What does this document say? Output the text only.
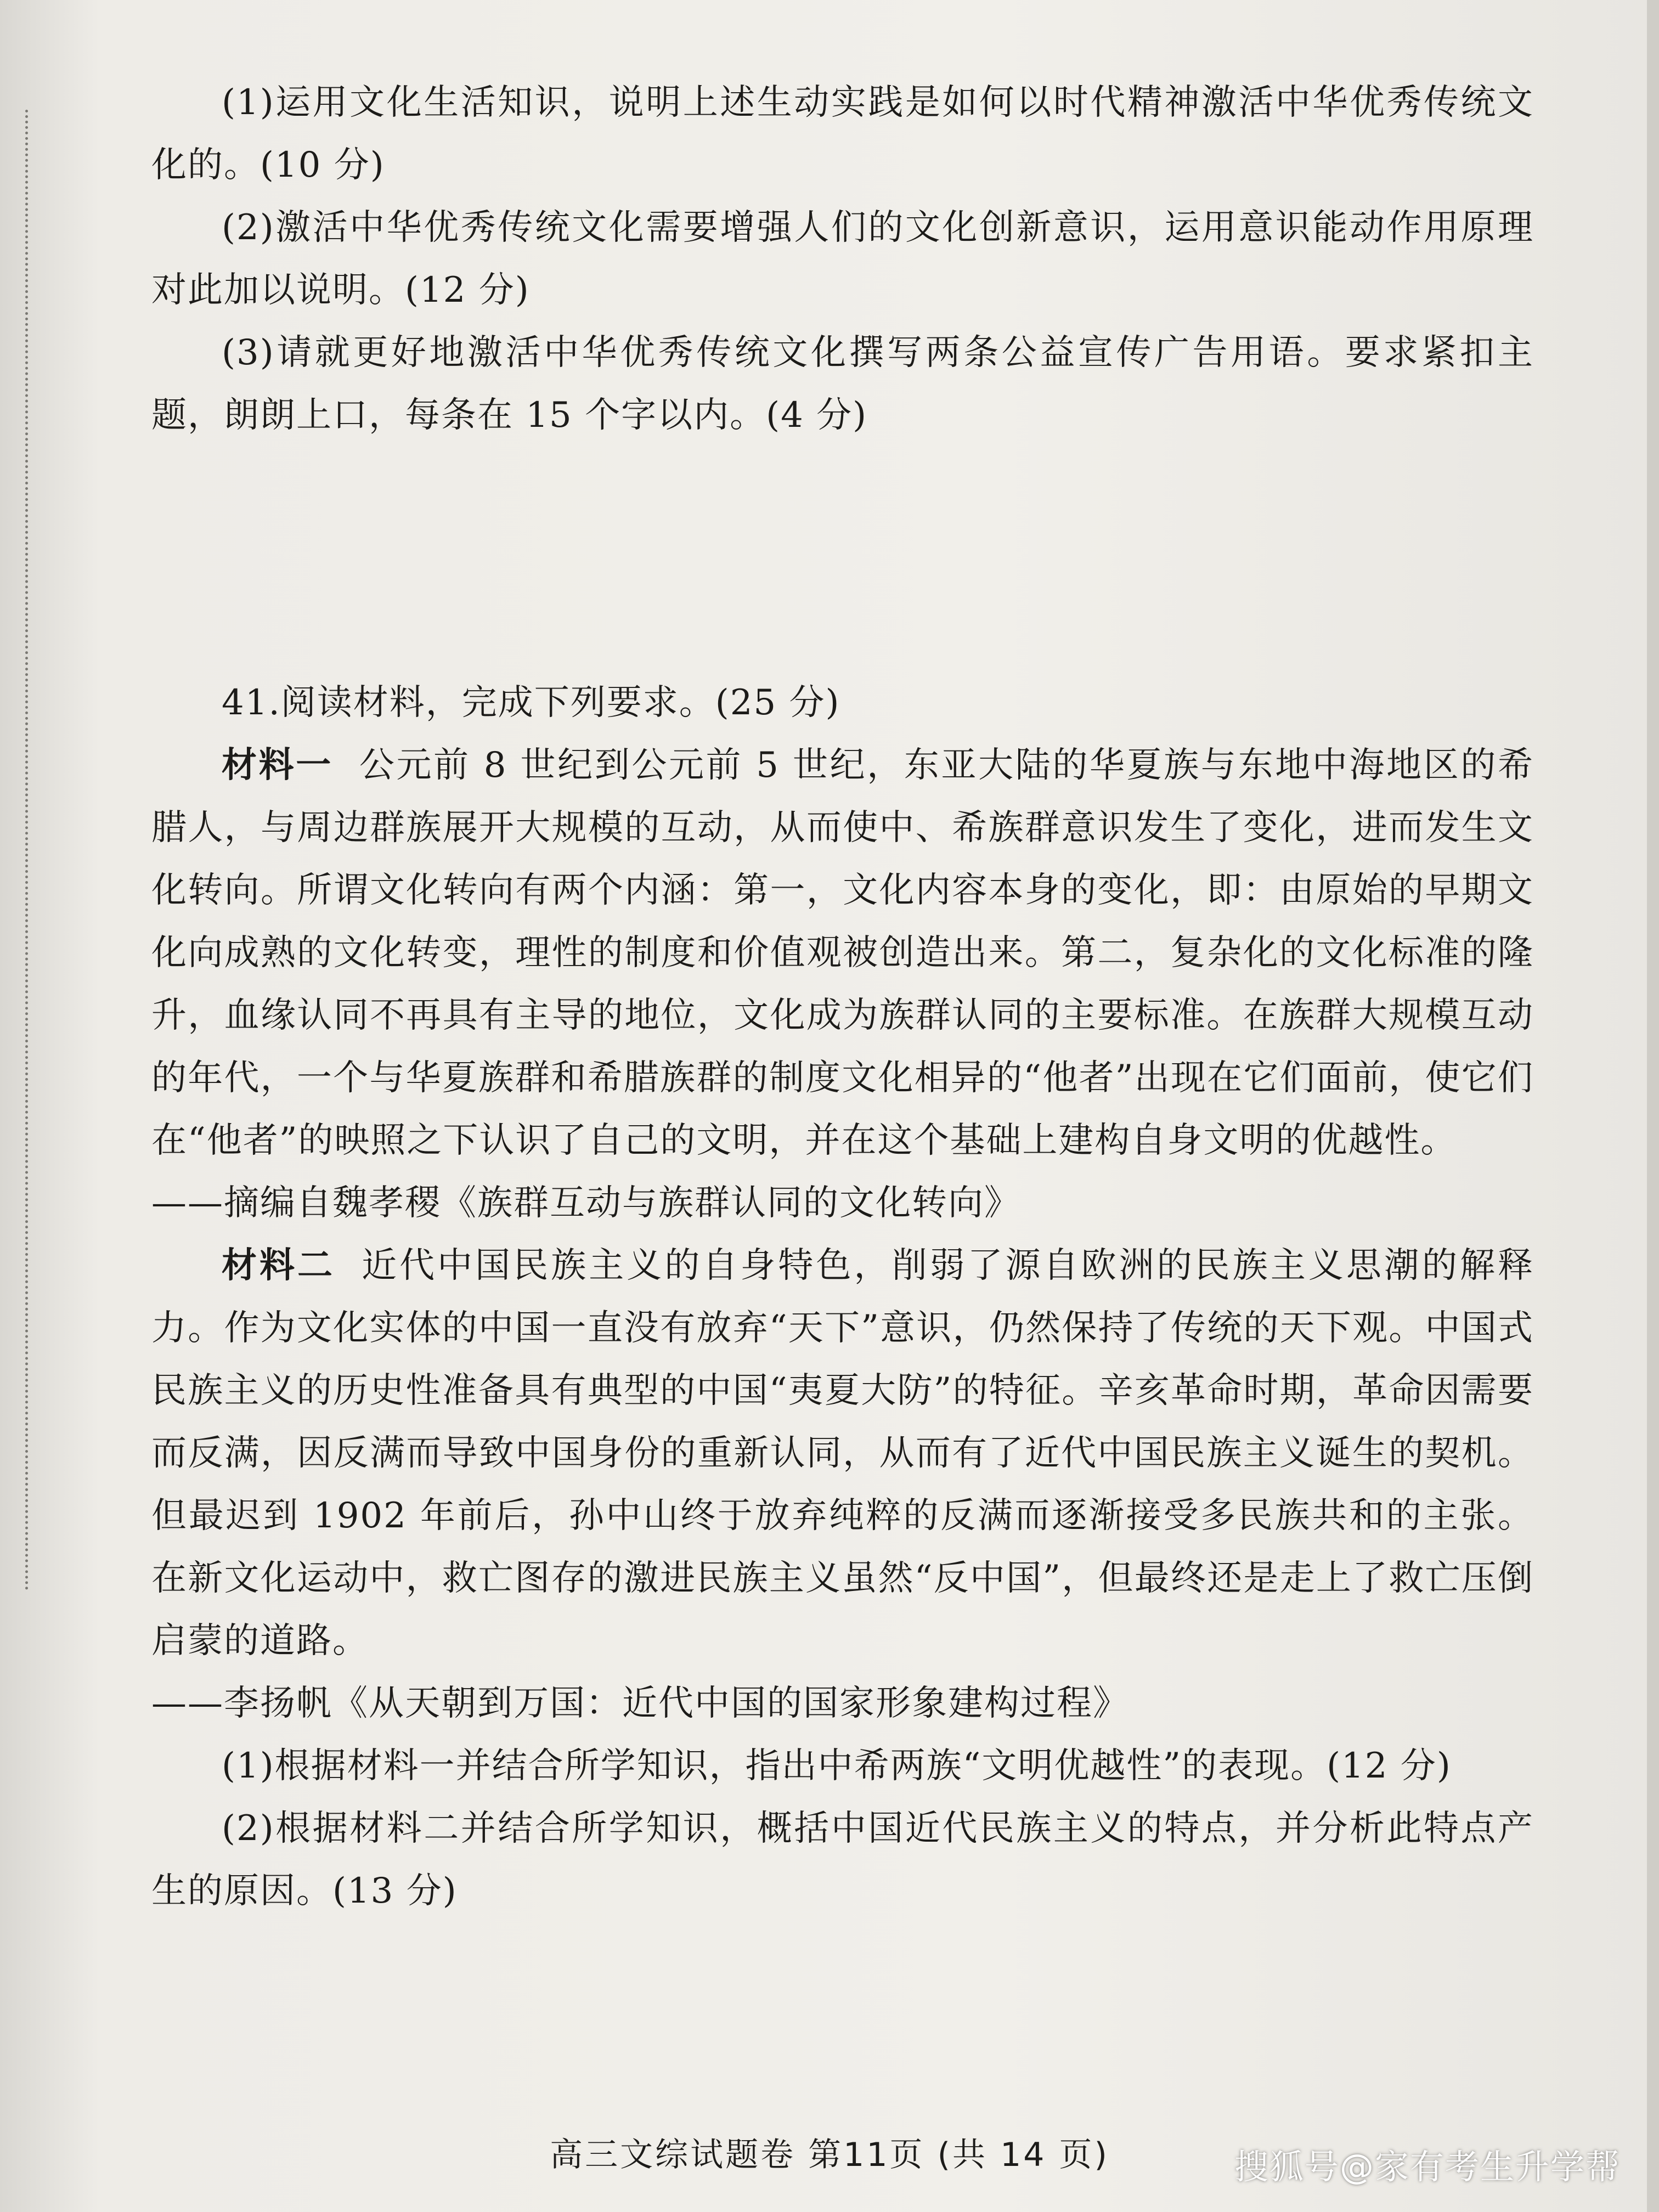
(1)运用文化生活知识，说明上述生动实践是如何以时代精神激活中华优秀传统文化的。(10 分)

(2)激活中华优秀传统文化需要增强人们的文化创新意识，运用意识能动作用原理对此加以说明。(12 分)

(3)请就更好地激活中华优秀传统文化撰写两条公益宣传广告用语。要求紧扣主题，朗朗上口，每条在 15 个字以内。(4 分)

41.阅读材料，完成下列要求。(25 分)

材料一 公元前 8 世纪到公元前 5 世纪，东亚大陆的华夏族与东地中海地区的希腊人，与周边群族展开大规模的互动，从而使中、希族群意识发生了变化，进而发生文化转向。所谓文化转向有两个内涵：第一，文化内容本身的变化，即：由原始的早期文化向成熟的文化转变，理性的制度和价值观被创造出来。第二，复杂化的文化标准的隆升，血缘认同不再具有主导的地位，文化成为族群认同的主要标准。在族群大规模互动的年代，一个与华夏族群和希腊族群的制度文化相异的“他者”出现在它们面前，使它们在“他者”的映照之下认识了自己的文明，并在这个基础上建构自身文明的优越性。

——摘编自魏孝稷《族群互动与族群认同的文化转向》

材料二 近代中国民族主义的自身特色，削弱了源自欧洲的民族主义思潮的解释力。作为文化实体的中国一直没有放弃“天下”意识，仍然保持了传统的天下观。中国式民族主义的历史性准备具有典型的中国“夷夏大防”的特征。辛亥革命时期，革命因需要而反满，因反满而导致中国身份的重新认同，从而有了近代中国民族主义诞生的契机。但最迟到 1902 年前后，孙中山终于放弃纯粹的反满而逐渐接受多民族共和的主张。在新文化运动中，救亡图存的激进民族主义虽然“反中国”，但最终还是走上了救亡压倒启蒙的道路。

——李扬帆《从天朝到万国：近代中国的国家形象建构过程》

(1)根据材料一并结合所学知识，指出中希两族“文明优越性”的表现。(12 分)

(2)根据材料二并结合所学知识，概括中国近代民族主义的特点，并分析此特点产生的原因。(13 分)

高三文综试题卷 第11页 (共 14 页)	搜狐号@家有考生升学帮
